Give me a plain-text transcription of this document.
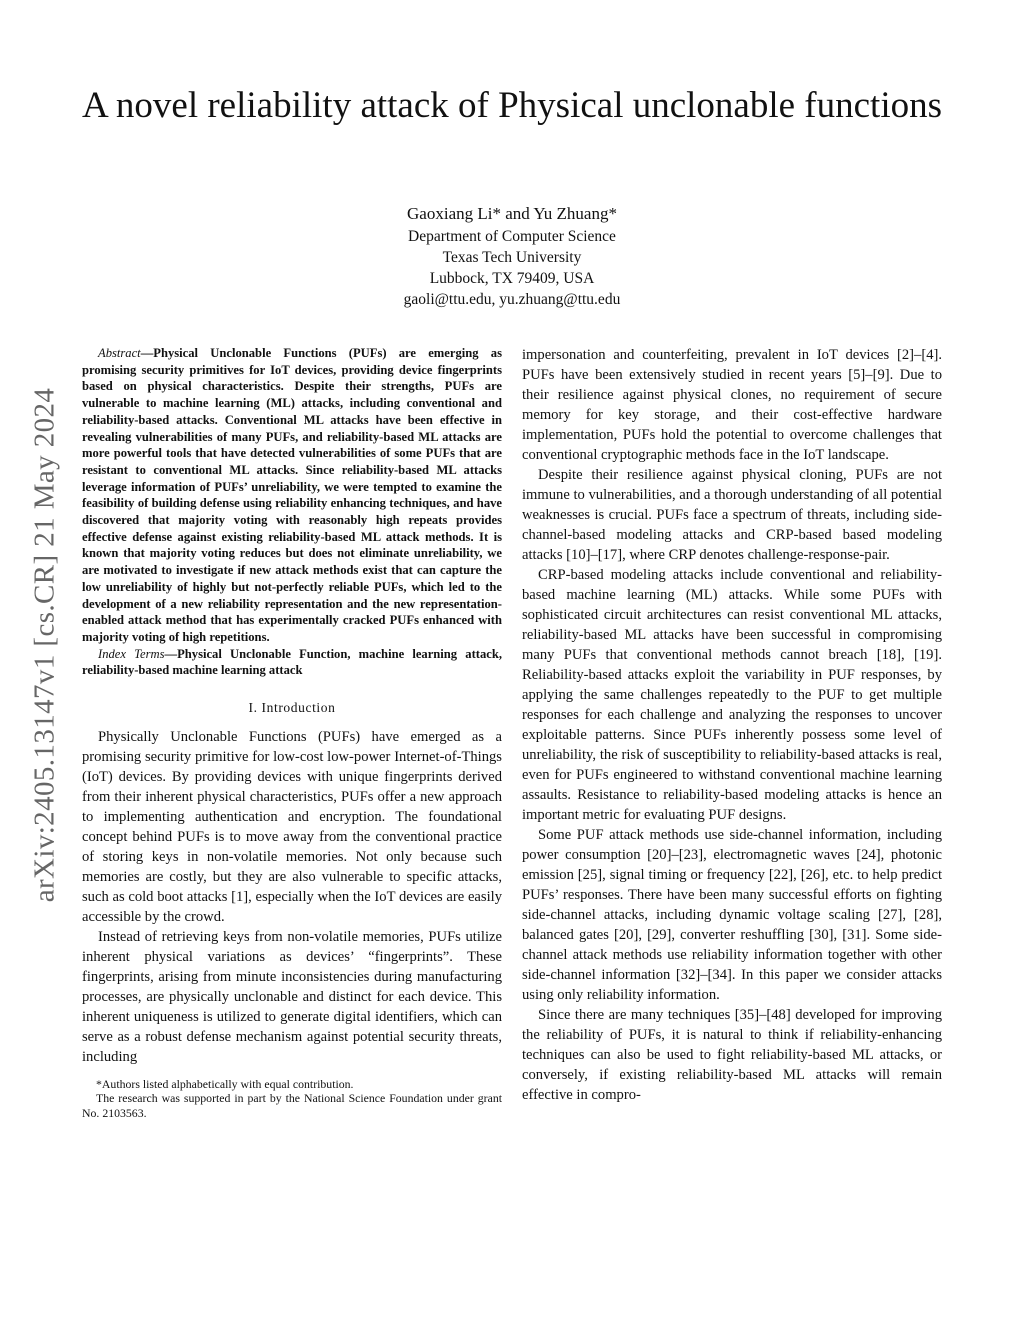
arXiv:2405.13147v1 [cs.CR] 21 May 2024
A novel reliability attack of Physical unclonable functions
Gaoxiang Li* and Yu Zhuang*
Department of Computer Science
Texas Tech University
Lubbock, TX 79409, USA
gaoli@ttu.edu, yu.zhuang@ttu.edu

Abstract—Physical Unclonable Functions (PUFs) are emerging as promising security primitives for IoT devices, providing device fingerprints based on physical characteristics. Despite their strengths, PUFs are vulnerable to machine learning (ML) attacks, including conventional and reliability-based attacks. Conventional ML attacks have been effective in revealing vulnerabilities of many PUFs, and reliability-based ML attacks are more powerful tools that have detected vulnerabilities of some PUFs that are resistant to conventional ML attacks. Since reliability-based ML attacks leverage information of PUFs’ unreliability, we were tempted to examine the feasibility of building defense using reliability enhancing techniques, and have discovered that majority voting with reasonably high repeats provides effective defense against existing reliability-based ML attack methods. It is known that majority voting reduces but does not eliminate unreliability, we are motivated to investigate if new attack methods exist that can capture the low unreliability of highly but not-perfectly reliable PUFs, which led to the development of a new reliability representation and the new representation-enabled attack method that has experimentally cracked PUFs enhanced with majority voting of high repetitions.

Index Terms—Physical Unclonable Function, machine learning attack, reliability-based machine learning attack

I. Introduction

Physically Unclonable Functions (PUFs) have emerged as a promising security primitive for low-cost low-power Internet-of-Things (IoT) devices. By providing devices with unique fingerprints derived from their inherent physical characteristics, PUFs offer a new approach to implementing authentication and encryption. The foundational concept behind PUFs is to move away from the conventional practice of storing keys in non-volatile memories. Not only because such memories are costly, but they are also vulnerable to specific attacks, such as cold boot attacks [1], especially when the IoT devices are easily accessible by the crowd.

Instead of retrieving keys from non-volatile memories, PUFs utilize inherent physical variations as devices’ “fingerprints”. These fingerprints, arising from minute inconsistencies during manufacturing processes, are physically unclonable and distinct for each device. This inherent uniqueness is utilized to generate digital identifiers, which can serve as a robust defense mechanism against potential security threats, including

*Authors listed alphabetically with equal contribution.
The research was supported in part by the National Science Foundation under grant No. 2103563.

impersonation and counterfeiting, prevalent in IoT devices [2]–[4]. PUFs have been extensively studied in recent years [5]–[9]. Due to their resilience against physical clones, no requirement of secure memory for key storage, and their cost-effective hardware implementation, PUFs hold the potential to overcome challenges that conventional cryptographic methods face in the IoT landscape.

Despite their resilience against physical cloning, PUFs are not immune to vulnerabilities, and a thorough understanding of all potential weaknesses is crucial. PUFs face a spectrum of threats, including side-channel-based modeling attacks and CRP-based based modeling attacks [10]–[17], where CRP denotes challenge-response-pair.

CRP-based modeling attacks include conventional and reliability-based machine learning (ML) attacks. While some PUFs with sophisticated circuit architectures can resist conventional ML attacks, reliability-based ML attacks have been successful in compromising many PUFs that conventional methods cannot breach [18], [19]. Reliability-based attacks exploit the variability in PUF responses, by applying the same challenges repeatedly to the PUF to get multiple responses for each challenge and analyzing the responses to uncover exploitable patterns. Since PUFs inherently possess some level of unreliability, the risk of susceptibility to reliability-based attacks is real, even for PUFs engineered to withstand conventional machine learning assaults. Resistance to reliability-based modeling attacks is hence an important metric for evaluating PUF designs.

Some PUF attack methods use side-channel information, including power consumption [20]–[23], electromagnetic waves [24], photonic emission [25], signal timing or frequency [22], [26], etc. to help predict PUFs’ responses. There have been many successful efforts on fighting side-channel attacks, including dynamic voltage scaling [27], [28], balanced gates [20], [29], converter reshuffling [30], [31]. Some side-channel attack methods use reliability information together with other side-channel information [32]–[34]. In this paper we consider attacks using only reliability information.

Since there are many techniques [35]–[48] developed for improving the reliability of PUFs, it is natural to think if reliability-enhancing techniques can also be used to fight reliability-based ML attacks, or conversely, if existing reliability-based ML attacks will remain effective in compro-
